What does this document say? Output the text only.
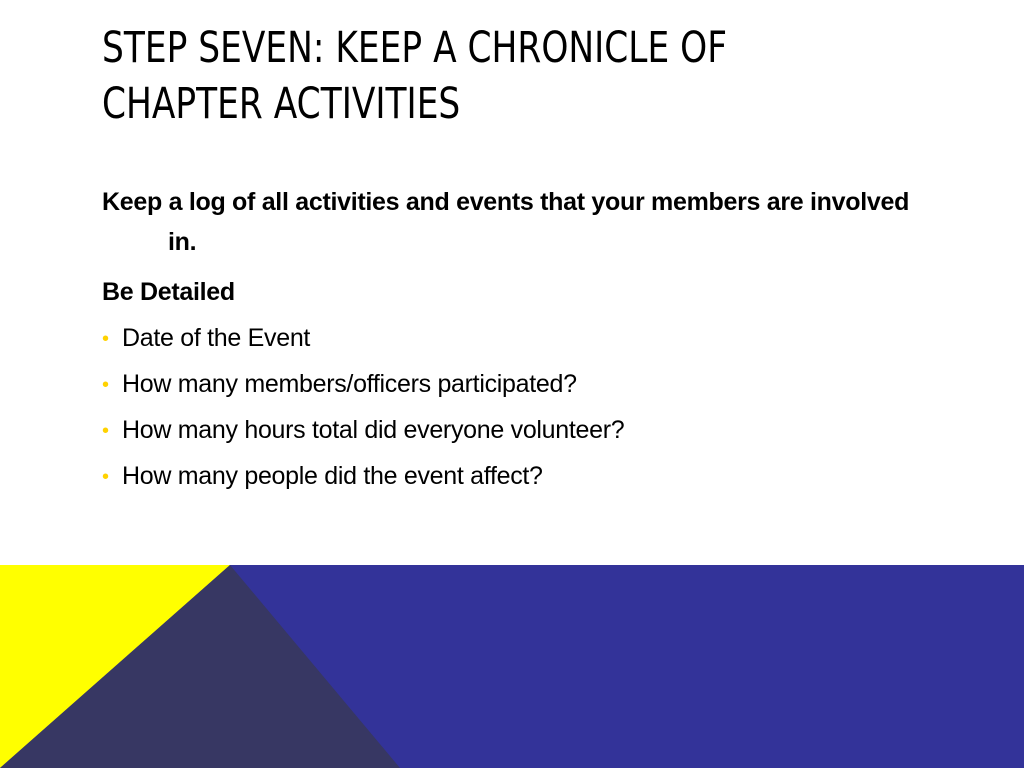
STEP SEVEN: KEEP A CHRONICLE OF CHAPTER ACTIVITIES

Keep a log of all activities and events that your members are involved in.

Be Detailed

• Date of the Event
• How many members/officers participated?
• How many hours total did everyone volunteer?
• How many people did the event affect?
